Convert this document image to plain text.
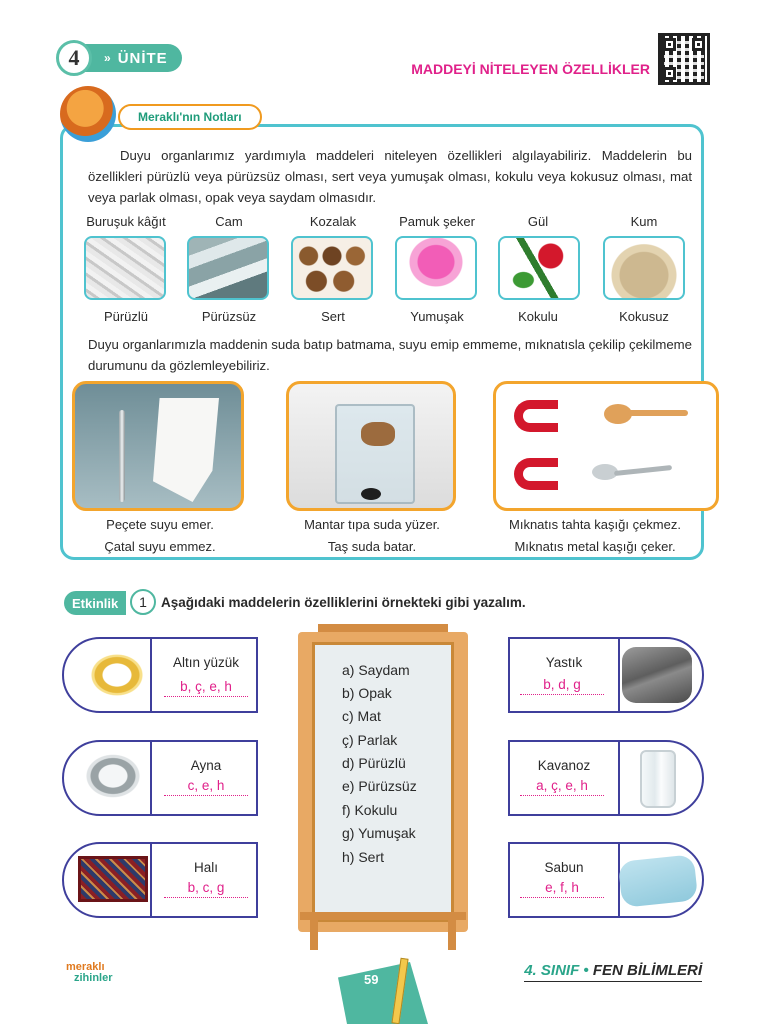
4	» ÜNİTE
MADDEYİ NİTELEYEN ÖZELLİKLER
Meraklı'nın Notları
Duyu organlarımız yardımıyla maddeleri niteleyen özellikleri algılayabiliriz. Maddelerin bu özellikleri pürüzlü veya pürüzsüz olması, sert veya yumuşak olması, kokulu veya kokusuz olması, mat veya parlak olması, opak veya saydam olmasıdır.
Buruşuk kâğıt	Cam	Kozalak	Pamuk şeker	Gül	Kum
Pürüzlü	Pürüzsüz	Sert	Yumuşak	Kokulu	Kokusuz
Duyu organlarımızla maddenin suda batıp batmama, suyu emip emmeme, mıknatısla çekilip çekilmeme durumunu da gözlemleyebiliriz.
Peçete suyu emer.
Çatal suyu emmez.
Mantar tıpa suda yüzer.
Taş suda batar.
Mıknatıs tahta kaşığı çekmez.
Mıknatıs metal kaşığı çeker.
Etkinlik	1	Aşağıdaki maddelerin özelliklerini örnekteki gibi yazalım.
Altın yüzük
b, ç, e, h
Ayna
c, e, h
Halı
b, c, g
a) Saydam
b) Opak
c) Mat
ç) Parlak
d) Pürüzlü
e) Pürüzsüz
f) Kokulu
g) Yumuşak
h) Sert
Yastık
b, d, g
Kavanoz
a, ç, e, h
Sabun
e, f, h
meraklı
zihinler	59
4. SINIF • FEN BİLİMLERİ
